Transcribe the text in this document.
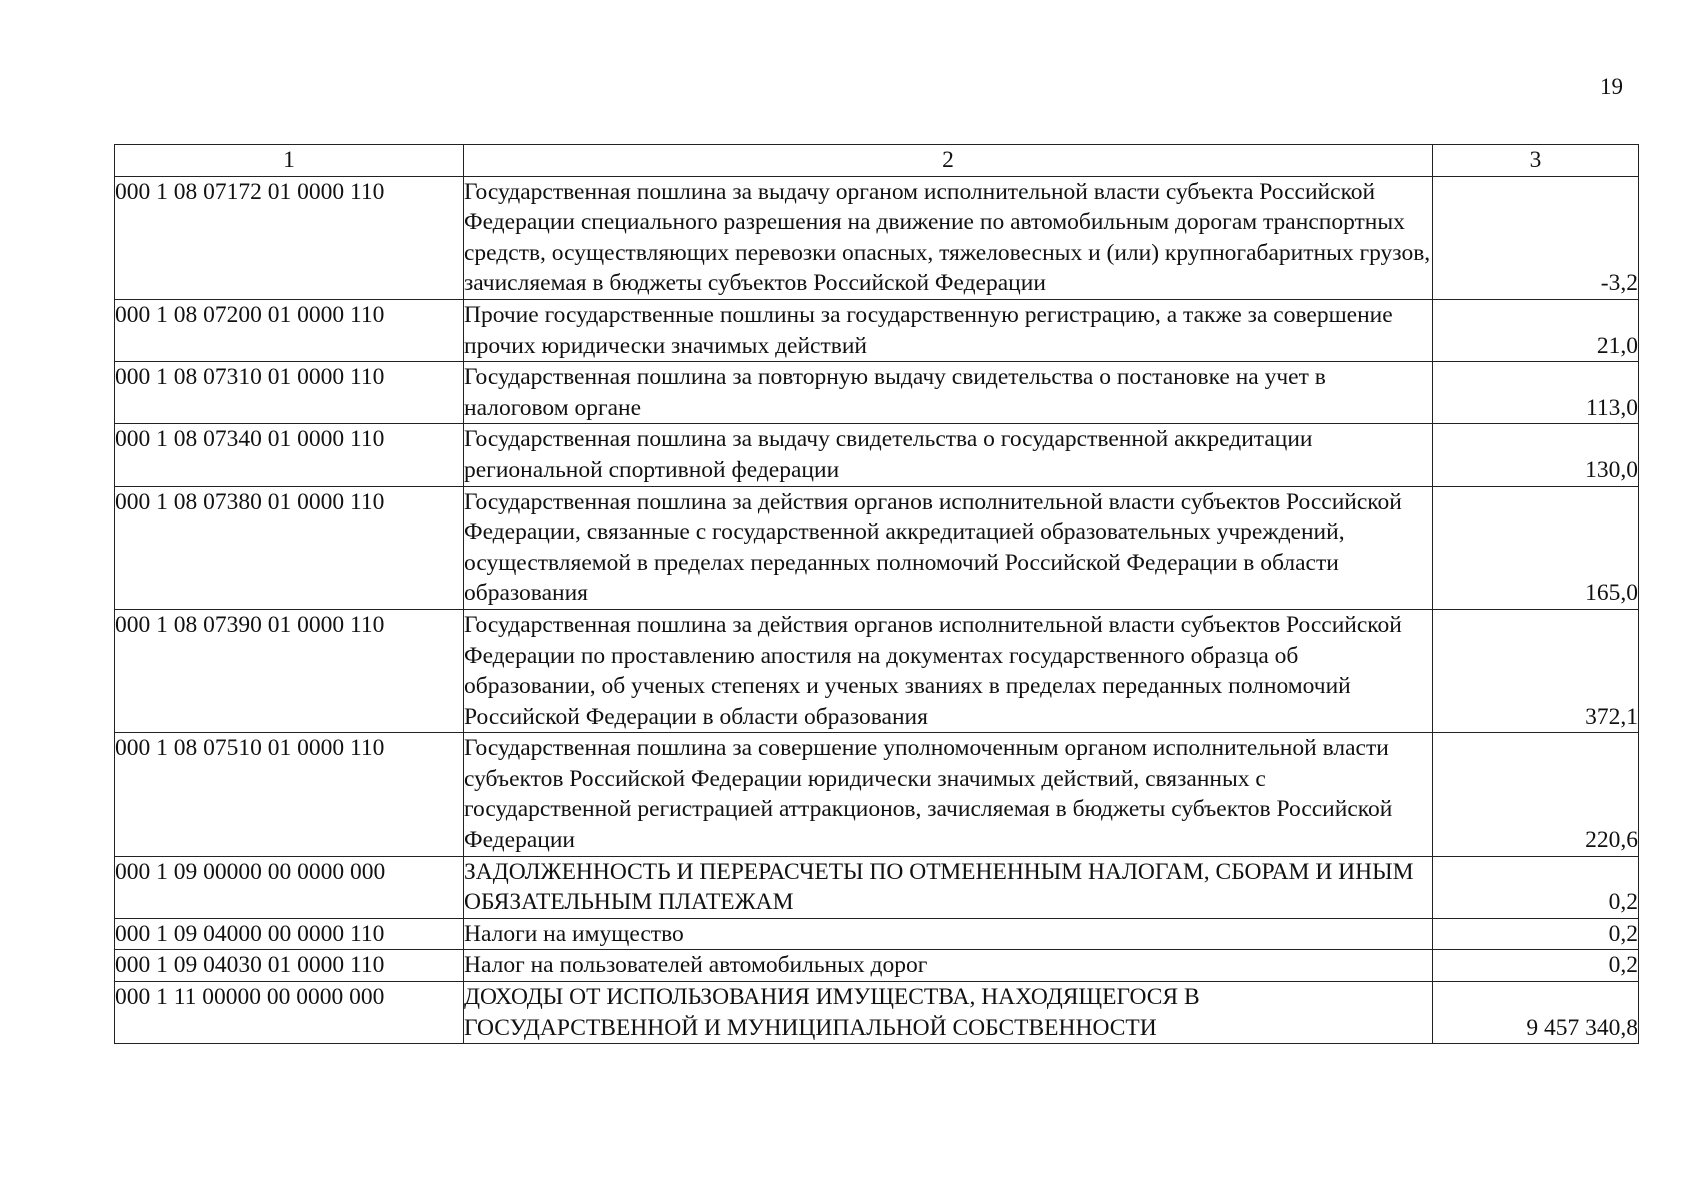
19
1	2	3
000 1 08 07172 01 0000 110	Государственная пошлина за выдачу органом исполнительной власти субъекта Российской Федерации специального разрешения на движение по автомобильным дорогам транспортных средств, осуществляющих перевозки опасных, тяжеловесных и (или) крупногабаритных грузов, зачисляемая в бюджеты субъектов Российской Федерации	-3,2
000 1 08 07200 01 0000 110	Прочие государственные пошлины за государственную регистрацию, а также за совершение прочих юридически значимых действий	21,0
000 1 08 07310 01 0000 110	Государственная пошлина за повторную выдачу свидетельства о постановке на учет в налоговом органе	113,0
000 1 08 07340 01 0000 110	Государственная пошлина за выдачу свидетельства о государственной аккредитации региональной спортивной федерации	130,0
000 1 08 07380 01 0000 110	Государственная пошлина за действия органов исполнительной власти субъектов Российской Федерации, связанные с государственной аккредитацией образовательных учреждений, осуществляемой в пределах переданных полномочий Российской Федерации в области образования	165,0
000 1 08 07390 01 0000 110	Государственная пошлина за действия органов исполнительной власти субъектов Российской Федерации по проставлению апостиля на документах государственного образца об образовании, об ученых степенях и ученых званиях в пределах переданных полномочий Российской Федерации в области образования	372,1
000 1 08 07510 01 0000 110	Государственная пошлина за совершение уполномоченным органом исполнительной власти субъектов Российской Федерации юридически значимых действий, связанных с государственной регистрацией аттракционов, зачисляемая в бюджеты субъектов Российской Федерации	220,6
000 1 09 00000 00 0000 000	ЗАДОЛЖЕННОСТЬ И ПЕРЕРАСЧЕТЫ ПО ОТМЕНЕННЫМ НАЛОГАМ, СБОРАМ И ИНЫМ ОБЯЗАТЕЛЬНЫМ ПЛАТЕЖАМ	0,2
000 1 09 04000 00 0000 110	Налоги на имущество	0,2
000 1 09 04030 01 0000 110	Налог на пользователей автомобильных дорог	0,2
000 1 11 00000 00 0000 000	ДОХОДЫ ОТ ИСПОЛЬЗОВАНИЯ ИМУЩЕСТВА, НАХОДЯЩЕГОСЯ В ГОСУДАРСТВЕННОЙ И МУНИЦИПАЛЬНОЙ СОБСТВЕННОСТИ	9 457 340,8
